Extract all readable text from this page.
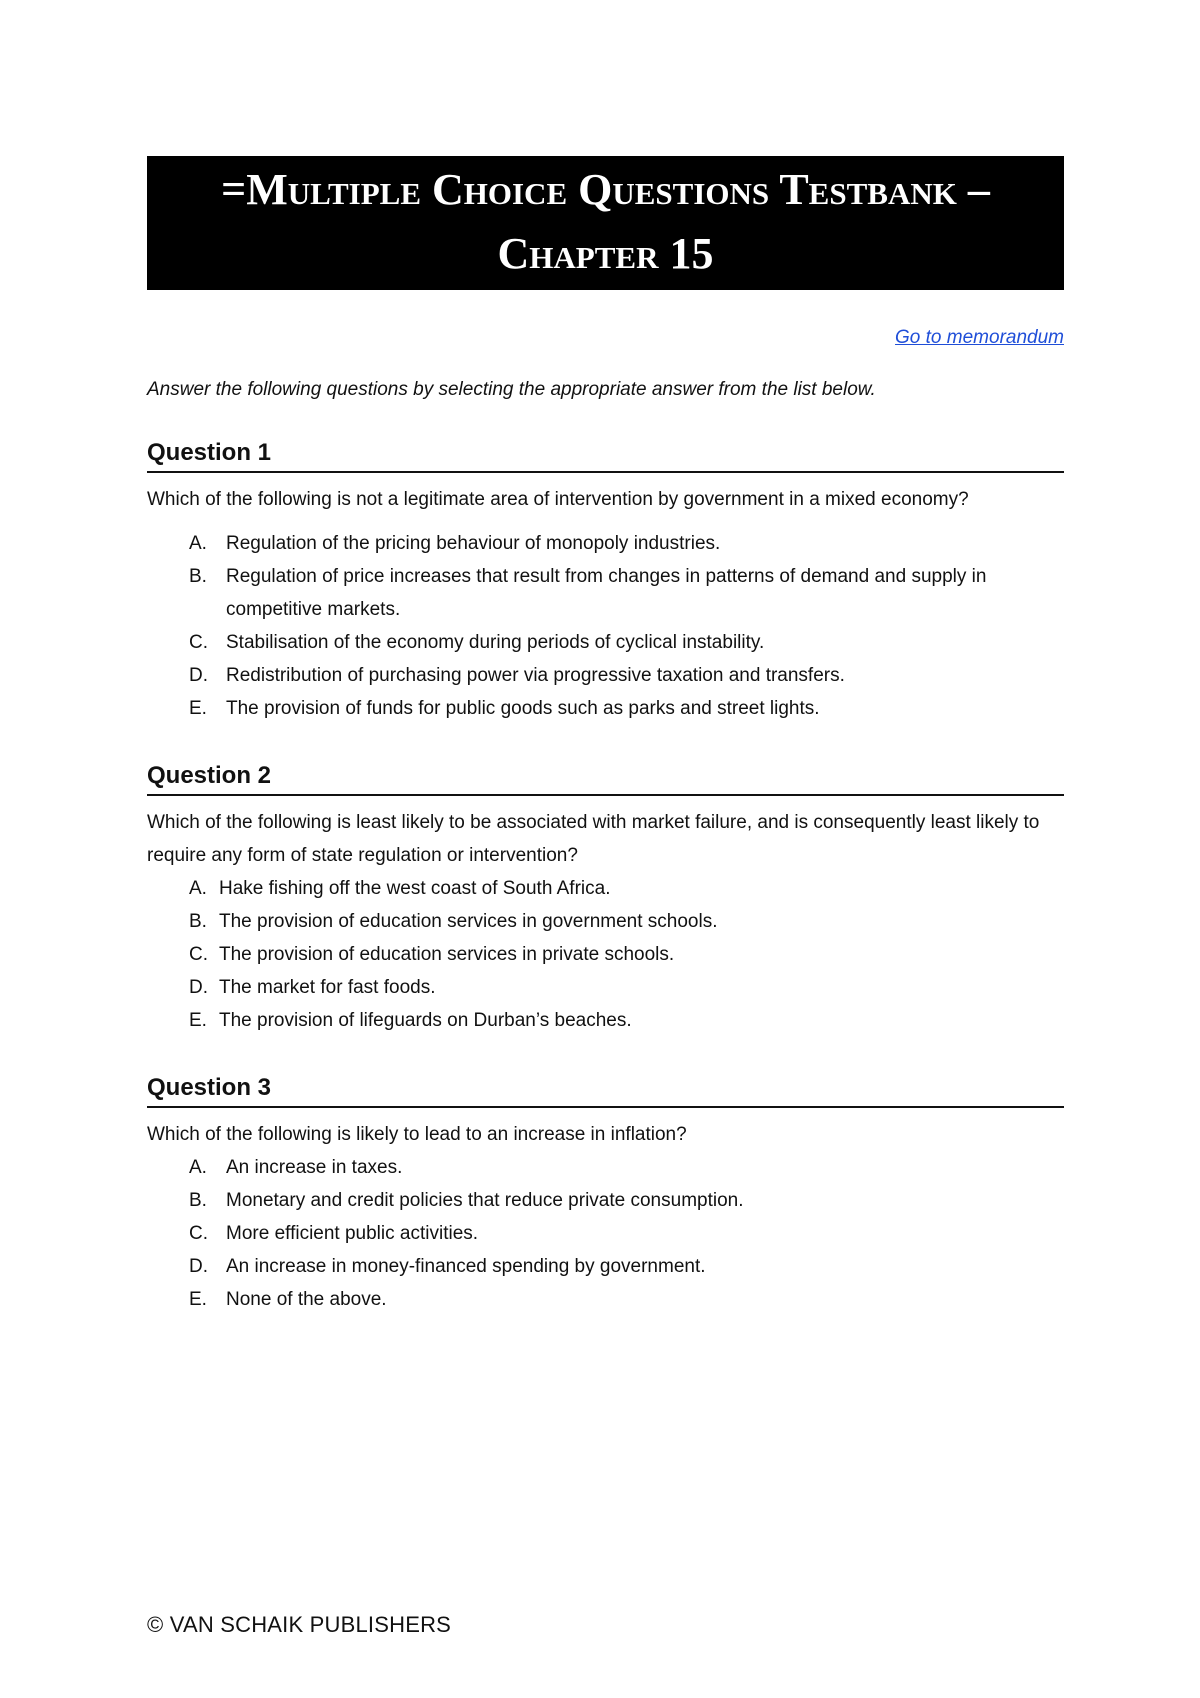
=Multiple Choice Questions Testbank –
Chapter 15
Go to memorandum
Answer the following questions by selecting the appropriate answer from the list below.
Question 1
Which of the following is not a legitimate area of intervention by government in a mixed economy?
A. Regulation of the pricing behaviour of monopoly industries.
B. Regulation of price increases that result from changes in patterns of demand and supply in competitive markets.
C. Stabilisation of the economy during periods of cyclical instability.
D. Redistribution of purchasing power via progressive taxation and transfers.
E. The provision of funds for public goods such as parks and street lights.
Question 2
Which of the following is least likely to be associated with market failure, and is consequently least likely to require any form of state regulation or intervention?
A. Hake fishing off the west coast of South Africa.
B. The provision of education services in government schools.
C. The provision of education services in private schools.
D. The market for fast foods.
E. The provision of lifeguards on Durban’s beaches.
Question 3
Which of the following is likely to lead to an increase in inflation?
A. An increase in taxes.
B. Monetary and credit policies that reduce private consumption.
C. More efficient public activities.
D. An increase in money-financed spending by government.
E. None of the above.
© VAN SCHAIK PUBLISHERS
